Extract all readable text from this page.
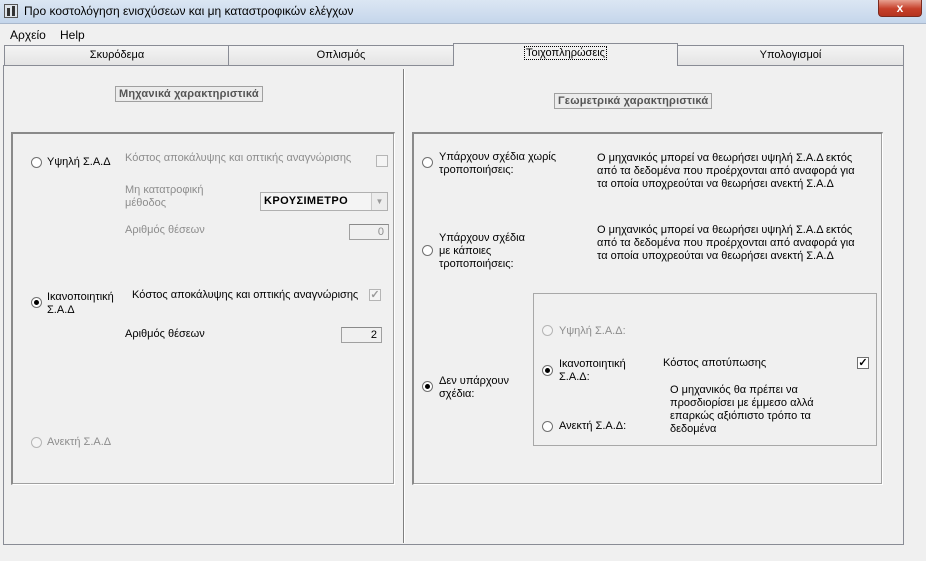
Προ κοστολόγηση ενισχύσεων και μη καταστροφικών ελέγχων	x
Αρχείο Help
Σκυρόδεμα	Οπλισμός	Τοιχοπληρώσεις	Υπολογισμοί
Μηχανικά χαρακτηριστικά
Υψηλή Σ.Α.Δ Κόστος αποκάλυψης και οπτικής αναγνώρισης
Μη κατατροφική μέθοδος	ΚΡΟΥΣΙΜΕΤΡΟ	▼
Αριθμός θέσεων	0
Ικανοποιητική Σ.Α.Δ
Κόστος αποκάλυψης και οπτικής αναγνώρισης ✓
Αριθμός θέσεων	2
Ανεκτή Σ.Α.Δ
Γεωμετρικά χαρακτηριστικά
Υπάρχουν σχέδια χωρίς τροποποιήσεις:
Ο μηχανικός μπορεί να θεωρήσει υψηλή Σ.Α.Δ εκτός από τα δεδομένα που προέρχονται από αναφορά για τα οποία υποχρεούται να θεωρήσει ανεκτή Σ.Α.Δ
Υπάρχουν σχέδια με κάποιες τροποποιήσεις:
Ο μηχανικός μπορεί να θεωρήσει υψηλή Σ.Α.Δ εκτός από τα δεδομένα που προέρχονται από αναφορά για τα οποία υποχρεούται να θεωρήσει ανεκτή Σ.Α.Δ
Δεν υπάρχουν σχέδια:
Υψηλή Σ.Α.Δ:
Ικανοποιητική Σ.Α.Δ:
Κόστος αποτύπωσης	✓
Ο μηχανικός θα πρέπει να προσδιορίσει με έμμεσο αλλά επαρκώς αξιόπιστο τρόπο τα δεδομένα
Ανεκτή Σ.Α.Δ:
